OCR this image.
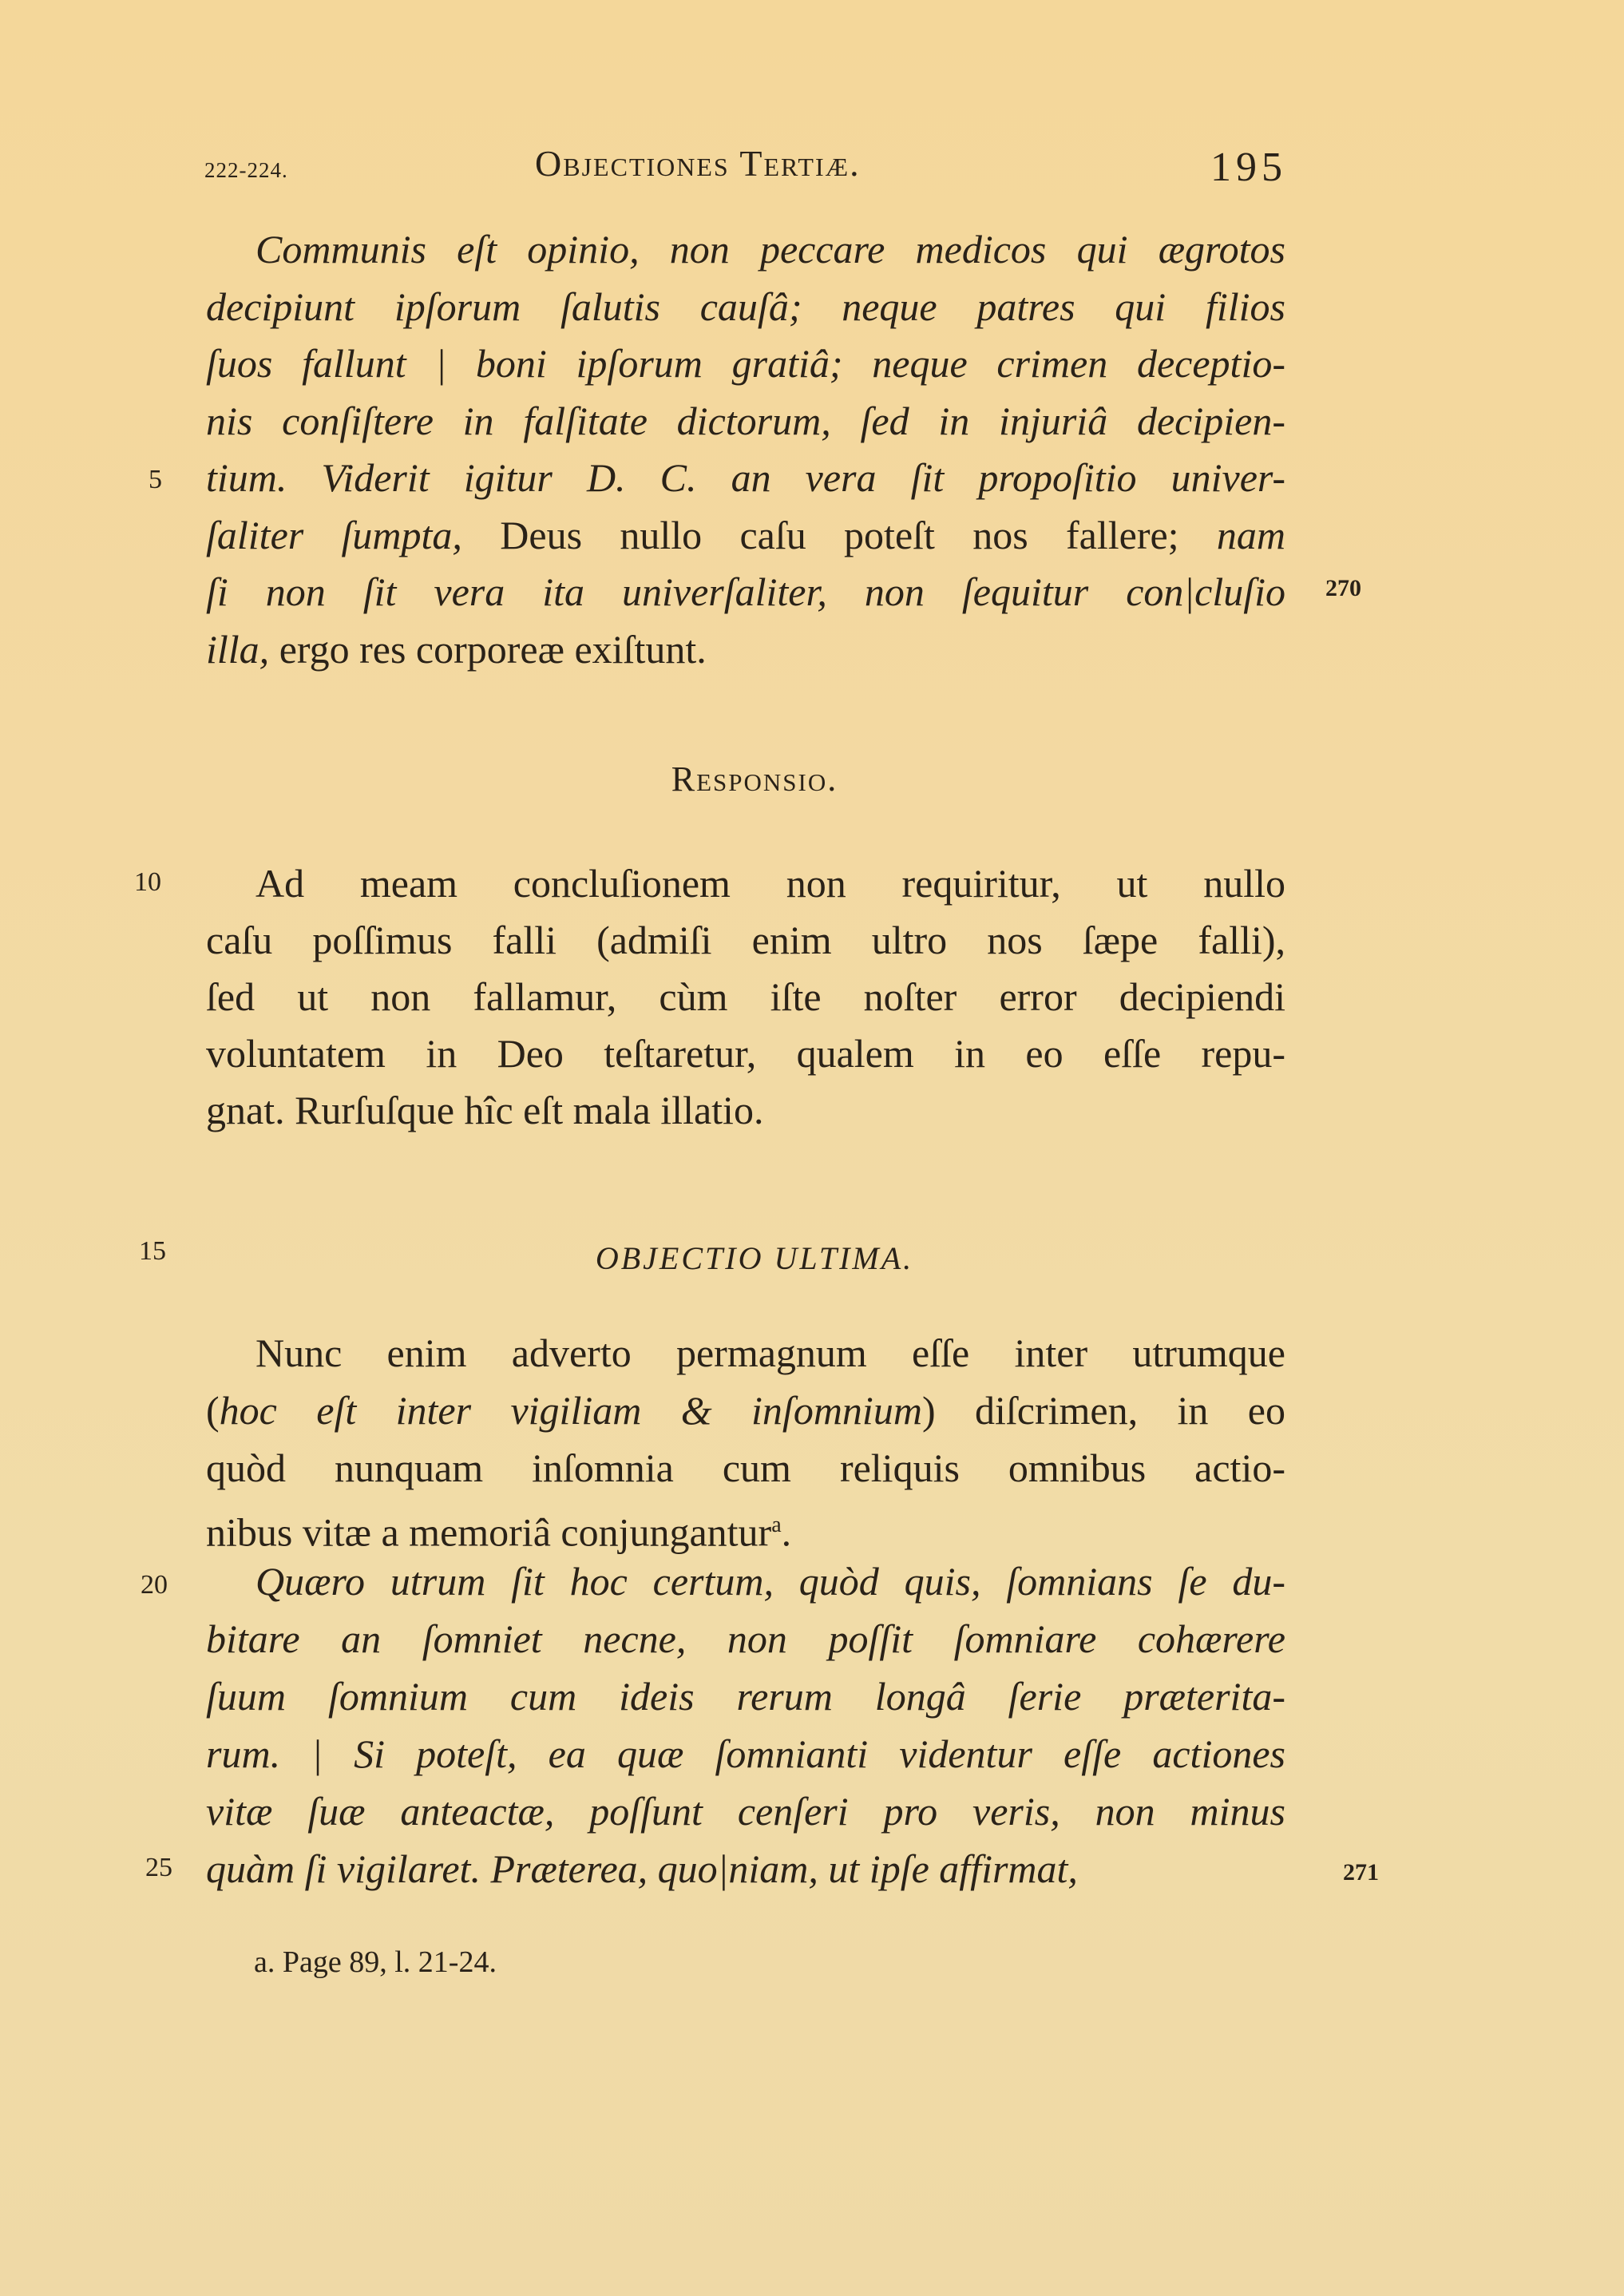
222-224.	Objectiones Tertiæ.	195
Communis eſt opinio, non peccare medicos qui ægrotos
decipiunt ipſorum ſalutis cauſâ; neque patres qui filios
ſuos fallunt | boni ipſorum gratiâ; neque crimen deceptio-
nis conſiſtere in falſitate dictorum, ſed in injuriâ decipien-
tium. Viderit igitur D. C. an vera ſit propoſitio univer-
ſaliter ſumpta, Deus nullo caſu poteſt nos fallere; nam
ſi non ſit vera ita univerſaliter, non ſequitur con|cluſio
illa, ergo res corporeæ exiſtunt.
Responsio.
Ad meam concluſionem non requiritur, ut nullo
caſu poſſimus falli (admiſi enim ultro nos ſæpe falli),
ſed ut non fallamur, cùm iſte noſter error decipiendi
voluntatem in Deo teſtaretur, qualem in eo eſſe repu-
gnat. Rurſuſque hîc eſt mala illatio.
OBJECTIO ULTIMA.
Nunc enim adverto permagnum eſſe inter utrumque
(hoc eſt inter vigiliam & inſomnium) diſcrimen, in eo
quòd nunquam inſomnia cum reliquis omnibus actio-
nibus vitæ a memoriâ conjungantur$^a$.
Quæro utrum ſit hoc certum, quòd quis, ſomnians ſe du-
bitare an ſomniet necne, non poſſit ſomniare cohærere
ſuum ſomnium cum ideis rerum longâ ſerie præterita-
rum. | Si poteſt, ea quæ ſomnianti videntur eſſe actiones
vitæ ſuæ anteactæ, poſſunt cenſeri pro veris, non minus
quàm ſi vigilaret. Præterea, quo|niam, ut ipſe affirmat,
5
10
15
20
25
270
271
a. Page 89, l. 21-24.
